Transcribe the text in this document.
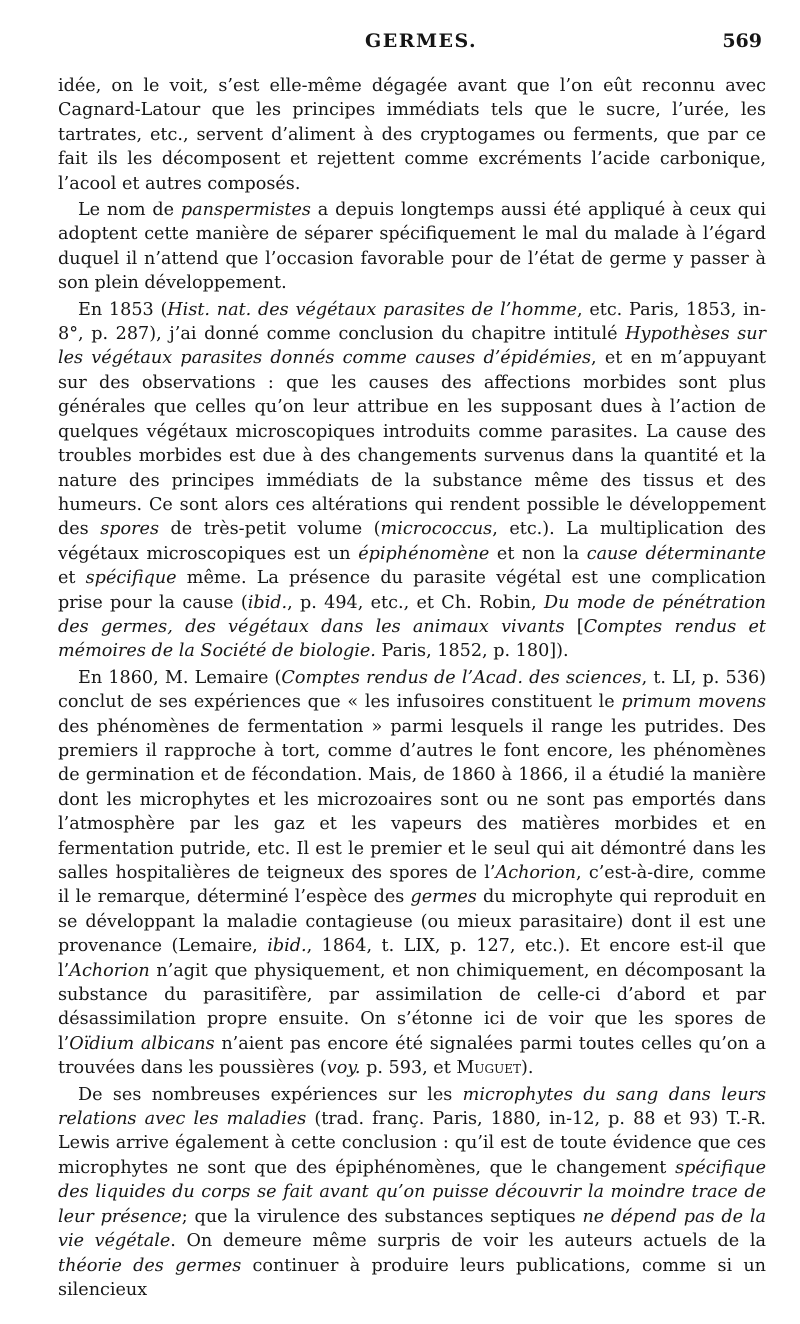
GERMES.	569

idée, on le voit, s’est elle-même dégagée avant que l’on eût reconnu avec Cagnard-Latour que les principes immédiats tels que le sucre, l’urée, les tartrates, etc., servent d’aliment à des cryptogames ou ferments, que par ce fait ils les décomposent et rejettent comme excréments l’acide carbonique, l’acool et autres composés.

Le nom de panspermistes a depuis longtemps aussi été appliqué à ceux qui adoptent cette manière de séparer spécifiquement le mal du malade à l’égard duquel il n’attend que l’occasion favorable pour de l’état de germe y passer à son plein développement.

En 1853 (Hist. nat. des végétaux parasites de l’homme, etc. Paris, 1853, in-8°, p. 287), j’ai donné comme conclusion du chapitre intitulé Hypothèses sur les végétaux parasites donnés comme causes d’épidémies, et en m’appuyant sur des observations : que les causes des affections morbides sont plus générales que celles qu’on leur attribue en les supposant dues à l’action de quelques végétaux microscopiques introduits comme parasites. La cause des troubles morbides est due à des changements survenus dans la quantité et la nature des principes immédiats de la substance même des tissus et des humeurs. Ce sont alors ces altérations qui rendent possible le développement des spores de très-petit volume (micrococcus, etc.). La multiplication des végétaux microscopiques est un épiphénomène et non la cause déterminante et spécifique même. La présence du parasite végétal est une complication prise pour la cause (ibid., p. 494, etc., et Ch. Robin, Du mode de pénétration des germes, des végétaux dans les animaux vivants [Comptes rendus et mémoires de la Société de biologie. Paris, 1852, p. 180]).

En 1860, M. Lemaire (Comptes rendus de l’Acad. des sciences, t. LI, p. 536) conclut de ses expériences que « les infusoires constituent le primum movens des phénomènes de fermentation » parmi lesquels il range les putrides. Des premiers il rapproche à tort, comme d’autres le font encore, les phénomènes de germination et de fécondation. Mais, de 1860 à 1866, il a étudié la manière dont les microphytes et les microzoaires sont ou ne sont pas emportés dans l’atmosphère par les gaz et les vapeurs des matières morbides et en fermentation putride, etc. Il est le premier et le seul qui ait démontré dans les salles hospitalières de teigneux des spores de l’Achorion, c’est-à-dire, comme il le remarque, déterminé l’espèce des germes du microphyte qui reproduit en se développant la maladie contagieuse (ou mieux parasitaire) dont il est une provenance (Lemaire, ibid., 1864, t. LIX, p. 127, etc.). Et encore est-il que l’Achorion n’agit que physiquement, et non chimiquement, en décomposant la substance du parasitifère, par assimilation de celle-ci d’abord et par désassimilation propre ensuite. On s’étonne ici de voir que les spores de l’Oïdium albicans n’aient pas encore été signalées parmi toutes celles qu’on a trouvées dans les poussières (voy. p. 593, et Muguet).

De ses nombreuses expériences sur les microphytes du sang dans leurs relations avec les maladies (trad. franç. Paris, 1880, in-12, p. 88 et 93) T.-R. Lewis arrive également à cette conclusion : qu’il est de toute évidence que ces microphytes ne sont que des épiphénomènes, que le changement spécifique des liquides du corps se fait avant qu’on puisse découvrir la moindre trace de leur présence; que la virulence des substances septiques ne dépend pas de la vie végétale. On demeure même surpris de voir les auteurs actuels de la théorie des germes continuer à produire leurs publications, comme si un silencieux
